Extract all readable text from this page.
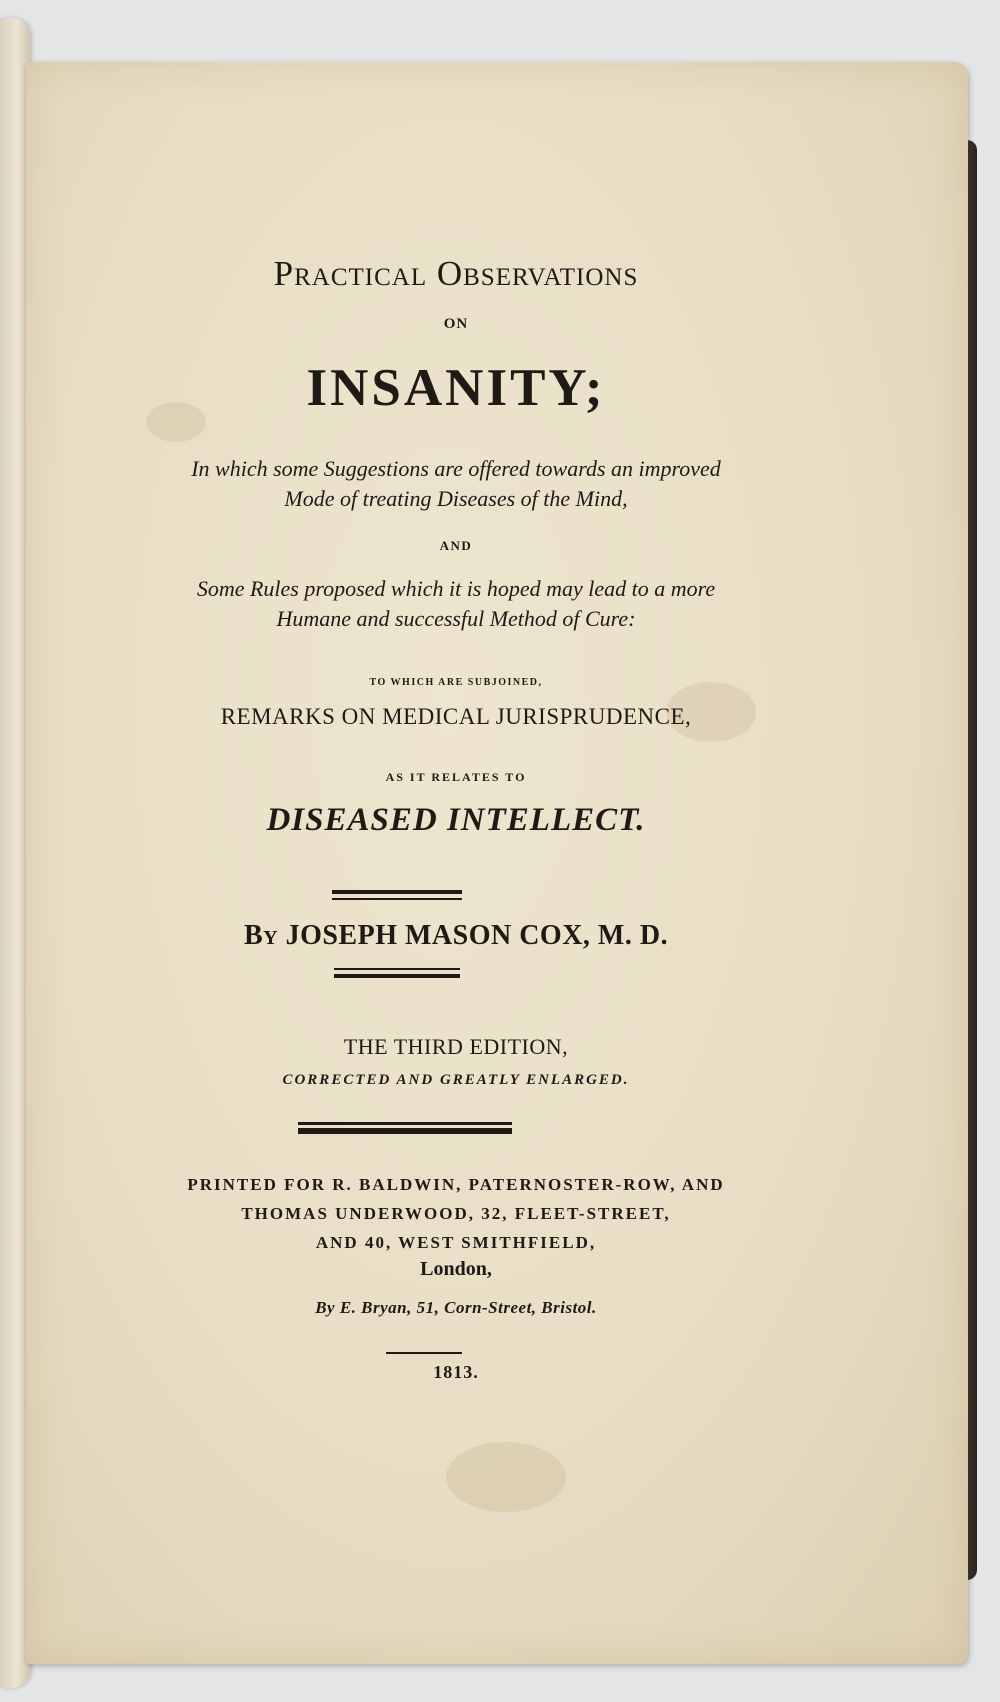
Practical Observations
ON
INSANITY;
In which some Suggestions are offered towards an improved
Mode of treating Diseases of the Mind,
AND
Some Rules proposed which it is hoped may lead to a more
Humane and successful Method of Cure:
TO WHICH ARE SUBJOINED,
REMARKS ON MEDICAL JURISPRUDENCE,
AS IT RELATES TO
DISEASED INTELLECT.
By JOSEPH MASON COX, M. D.
THE THIRD EDITION,
CORRECTED AND GREATLY ENLARGED.
PRINTED FOR R. BALDWIN, PATERNOSTER-ROW, AND
THOMAS UNDERWOOD, 32, FLEET-STREET,
AND 40, WEST SMITHFIELD,
London,
By E. Bryan, 51, Corn-Street, Bristol.
1813.
